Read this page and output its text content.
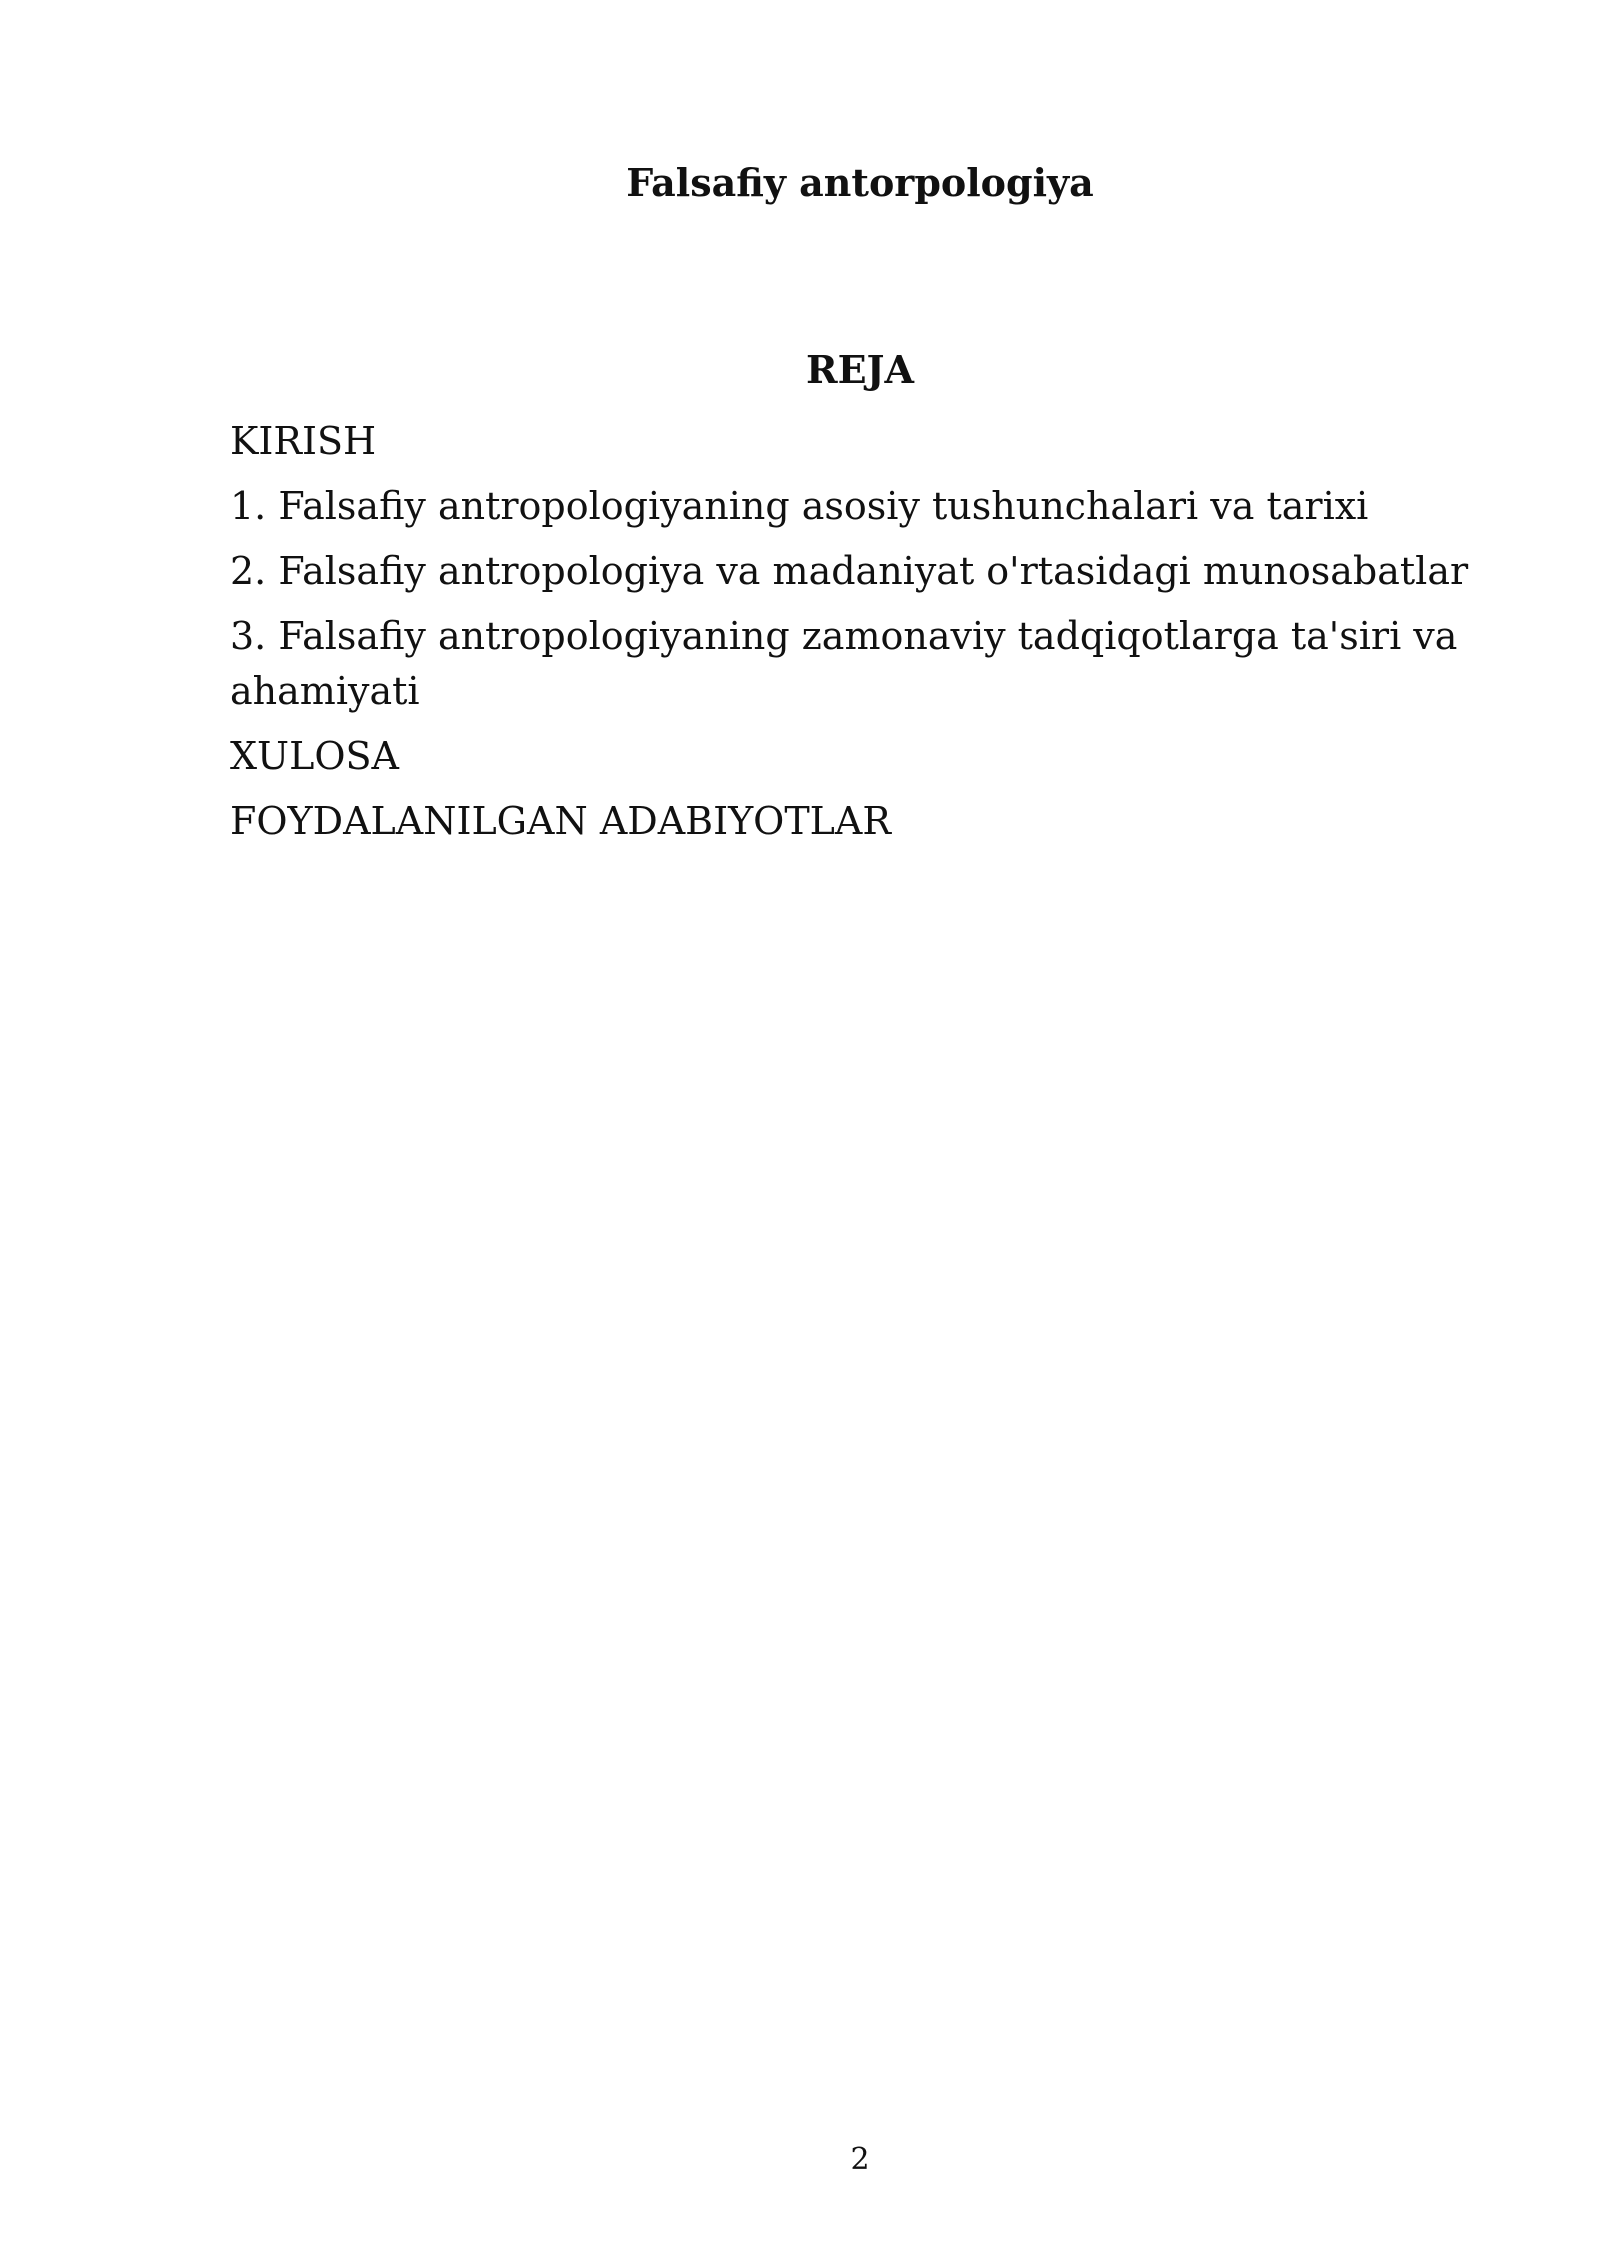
Falsafiy antorpologiya
REJA
KIRISH
1. Falsafiy antropologiyaning asosiy tushunchalari va tarixi
2. Falsafiy antropologiya va madaniyat o'rtasidagi munosabatlar
3. Falsafiy antropologiyaning zamonaviy tadqiqotlarga ta'siri va ahamiyati
XULOSA
FOYDALANILGAN ADABIYOTLAR
2
